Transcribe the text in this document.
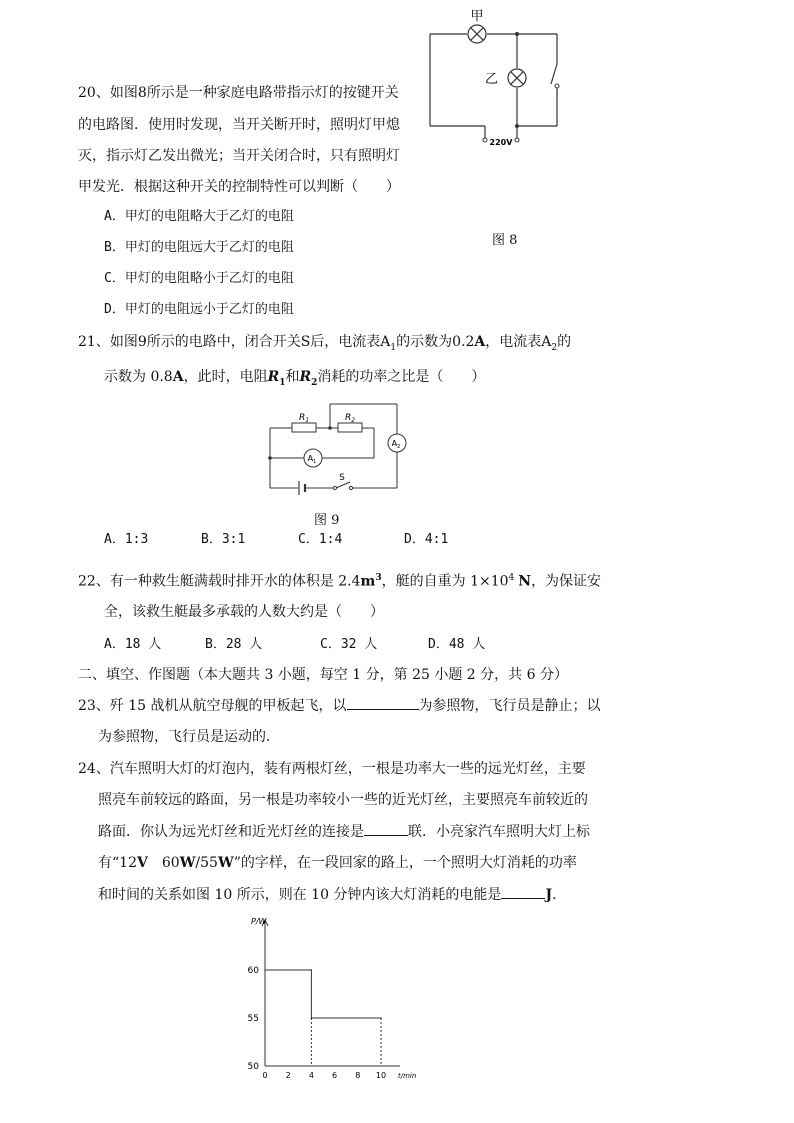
20、如图8所示是一种家庭电路带指示灯的按键开关
的电路图．使用时发现，当开关断开时，照明灯甲熄
灭，指示灯乙发出微光；当开关闭合时，只有照明灯
甲发光．根据这种开关的控制特性可以判断（　　）
A．甲灯的电阻略大于乙灯的电阻
B．甲灯的电阻远大于乙灯的电阻
C．甲灯的电阻略小于乙灯的电阻
D．甲灯的电阻远小于乙灯的电阻
甲
乙
220V
图 8
21、如图9所示的电路中，闭合开关S后，电流表$A_1$的示数为0.2A，电流表$A_2$的
示数为 0.8A，此时，电阻$R_1$和$R_2$消耗的功率之比是（　　）
$R_1$	$R_2$
$A_1$
$A_2$
S
图 9
A．1:3	B．3:1	C．1:4	D．4:1
22、有一种救生艇满载时排开水的体积是 $2.4m^3$，艇的自重为 $1\times 10^4$ N，为保证安
全，该救生艇最多承载的人数大约是（　　）
A．18 人	B．28 人	C．32 人	D．48 人
二、填空、作图题（本大题共 3 小题，每空 1 分，第 25 小题 2 分，共 6 分）
23、歼 15 战机从航空母舰的甲板起飞，以	为参照物，飞行员是静止；以
为参照物，飞行员是运动的．
24、汽车照明大灯的灯泡内，装有两根灯丝，一根是功率大一些的远光灯丝，主要
照亮车前较远的路面，另一根是功率较小一些的近光灯丝，主要照亮车前较近的
路面．你认为远光灯丝和近光灯丝的连接是	联．小亮家汽车照明大灯上标
有“12V　60W/55W”的字样，在一段回家的路上，一个照明大灯消耗的功率
和时间的关系如图 10 所示，则在 10 分钟内该大灯消耗的电能是	J．
P/W
t/min
0 2 4 6 8 10
50
55
60
